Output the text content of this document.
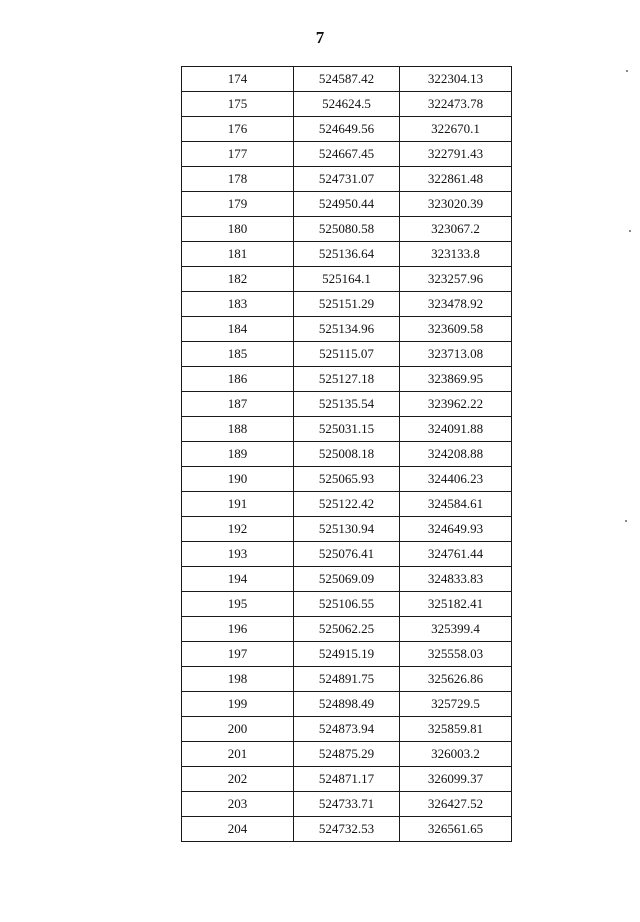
7
174	524587.42	322304.13
175	524624.5	322473.78
176	524649.56	322670.1
177	524667.45	322791.43
178	524731.07	322861.48
179	524950.44	323020.39
180	525080.58	323067.2
181	525136.64	323133.8
182	525164.1	323257.96
183	525151.29	323478.92
184	525134.96	323609.58
185	525115.07	323713.08
186	525127.18	323869.95
187	525135.54	323962.22
188	525031.15	324091.88
189	525008.18	324208.88
190	525065.93	324406.23
191	525122.42	324584.61
192	525130.94	324649.93
193	525076.41	324761.44
194	525069.09	324833.83
195	525106.55	325182.41
196	525062.25	325399.4
197	524915.19	325558.03
198	524891.75	325626.86
199	524898.49	325729.5
200	524873.94	325859.81
201	524875.29	326003.2
202	524871.17	326099.37
203	524733.71	326427.52
204	524732.53	326561.65
